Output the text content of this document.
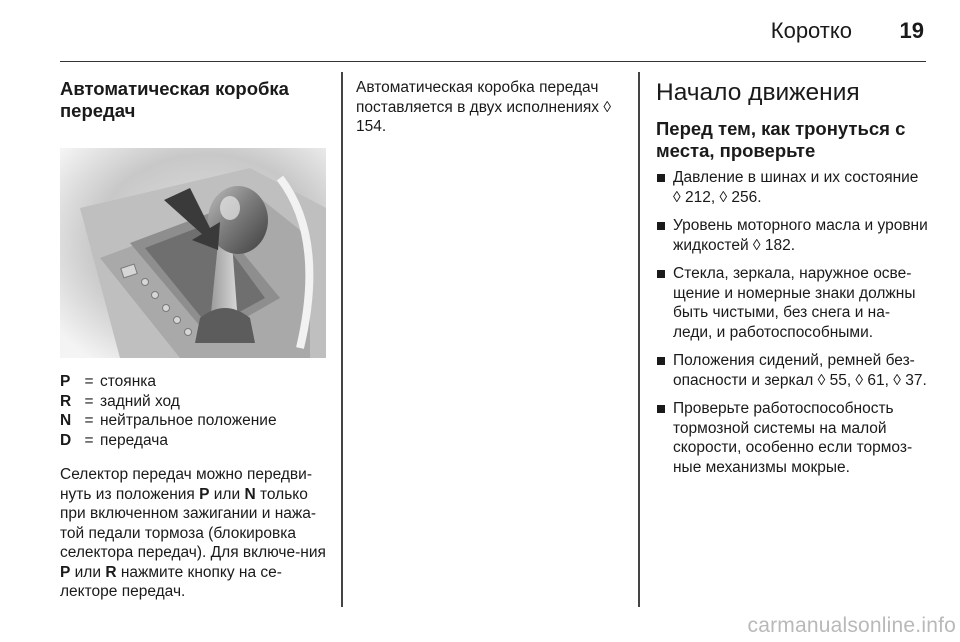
Коротко 19
Автоматическая коробка передач
P = стоянка
R = задний ход
N = нейтральное положение
D = передача

Селектор передач можно передви-нуть из положения P или N только при включенном зажигании и нажа-той педали тормоза (блокировка селектора передач). Для включе-ния P или R нажмите кнопку на се-лекторе передач.

Автоматическая коробка передач поставляется в двух исполнениях ◊ 154.

Начало движения
Перед тем, как тронуться с места, проверьте
Давление в шинах и их состояние ◊ 212, ◊ 256.
Уровень моторного масла и уровни жидкостей ◊ 182.
Стекла, зеркала, наружное осве-щение и номерные знаки должны быть чистыми, без снега и на-леди, и работоспособными.
Положения сидений, ремней без-опасности и зеркал ◊ 55, ◊ 61, ◊ 37.
Проверьте работоспособность тормозной системы на малой скорости, особенно если тормоз-ные механизмы мокрые.
carmanualsonline.info
